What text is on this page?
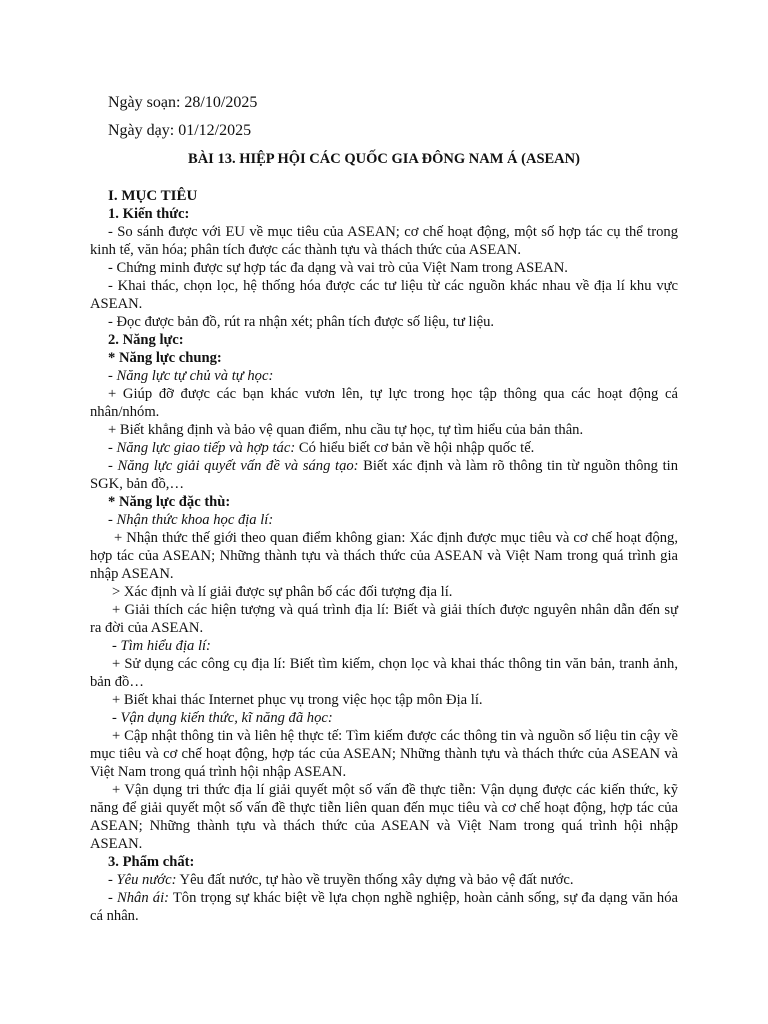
Ngày soạn: 28/10/2025
Ngày dạy: 01/12/2025
BÀI 13. HIỆP HỘI CÁC QUỐC GIA ĐÔNG NAM Á (ASEAN)

I. MỤC TIÊU

1. Kiến thức:

- So sánh được với EU về mục tiêu của ASEAN; cơ chế hoạt động, một số hợp tác cụ thể trong kinh tế, văn hóa; phân tích được các thành tựu và thách thức của ASEAN.

- Chứng minh được sự hợp tác đa dạng và vai trò của Việt Nam trong ASEAN.

- Khai thác, chọn lọc, hệ thống hóa được các tư liệu từ các nguồn khác nhau về địa lí khu vực ASEAN.

- Đọc được bản đồ, rút ra nhận xét; phân tích được số liệu, tư liệu.

2. Năng lực:

* Năng lực chung:

- Năng lực tự chủ và tự học:

+ Giúp đỡ được các bạn khác vươn lên, tự lực trong học tập thông qua các hoạt động cá nhân/nhóm.

+ Biết khẳng định và bảo vệ quan điểm, nhu cầu tự học, tự tìm hiểu của bản thân.

- Năng lực giao tiếp và hợp tác: Có hiểu biết cơ bản về hội nhập quốc tế.

- Năng lực giải quyết vấn đề và sáng tạo: Biết xác định và làm rõ thông tin từ nguồn thông tin SGK, bản đồ,…

* Năng lực đặc thù:

- Nhận thức khoa học địa lí:

+ Nhận thức thế giới theo quan điểm không gian: Xác định được mục tiêu và cơ chế hoạt động, hợp tác của ASEAN; Những thành tựu và thách thức của ASEAN và Việt Nam trong quá trình gia nhập ASEAN.

> Xác định và lí giải được sự phân bố các đối tượng địa lí.

+ Giải thích các hiện tượng và quá trình địa lí: Biết và giải thích được nguyên nhân dẫn đến sự ra đời của ASEAN.

- Tìm hiểu địa lí:

+ Sử dụng các công cụ địa lí: Biết tìm kiếm, chọn lọc và khai thác thông tin văn bản, tranh ảnh, bản đồ…

+ Biết khai thác Internet phục vụ trong việc học tập môn Địa lí.

- Vận dụng kiến thức, kĩ năng đã học:

+ Cập nhật thông tin và liên hệ thực tế: Tìm kiếm được các thông tin và nguồn số liệu tin cậy về mục tiêu và cơ chế hoạt động, hợp tác của ASEAN; Những thành tựu và thách thức của ASEAN và Việt Nam trong quá trình hội nhập ASEAN.

+ Vận dụng tri thức địa lí giải quyết một số vấn đề thực tiễn: Vận dụng được các kiến thức, kỹ năng để giải quyết một số vấn đề thực tiễn liên quan đến mục tiêu và cơ chế hoạt động, hợp tác của ASEAN; Những thành tựu và thách thức của ASEAN và Việt Nam trong quá trình hội nhập ASEAN.

3. Phẩm chất:

- Yêu nước: Yêu đất nước, tự hào về truyền thống xây dựng và bảo vệ đất nước.

- Nhân ái: Tôn trọng sự khác biệt về lựa chọn nghề nghiệp, hoàn cảnh sống, sự đa dạng văn hóa cá nhân.
